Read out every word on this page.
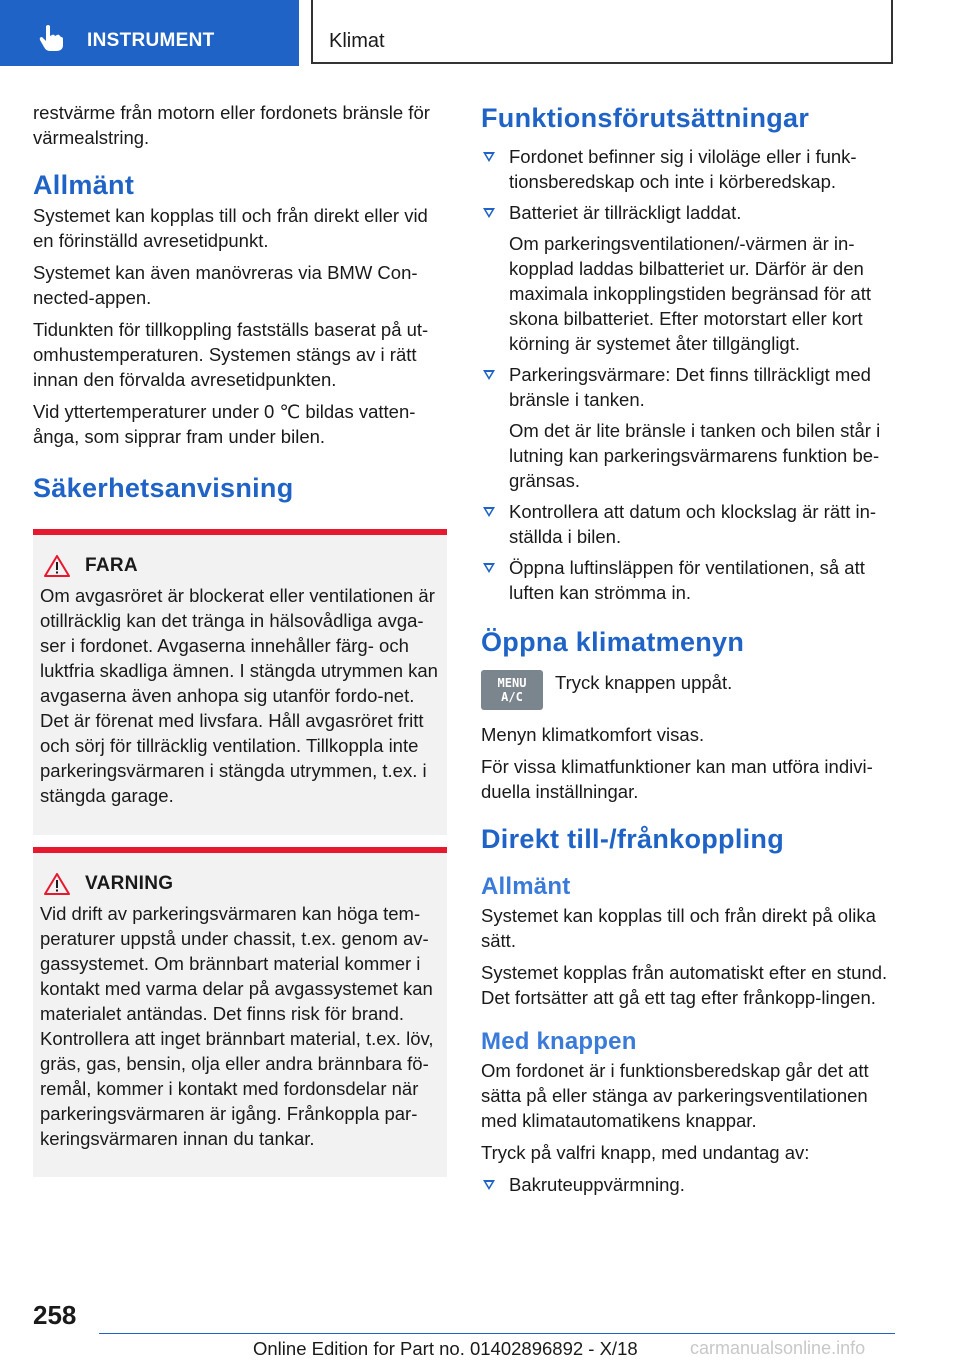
INSTRUMENT	Klimat

restvärme från motorn eller fordonets bränsle för värmealstring.

Allmänt

Systemet kan kopplas till och från direkt eller vid en förinställd avresetidpunkt.

Systemet kan även manövreras via BMW Con-nected-appen.

Tidunkten för tillkoppling fastställs baserat på ut-omhustemperaturen. Systemen stängs av i rätt innan den förvalda avresetidpunkten.

Vid yttertemperaturer under 0 ℃ bildas vatten-ånga, som sipprar fram under bilen.

Säkerhetsanvisning
FARA

Om avgasröret är blockerat eller ventilationen är otillräcklig kan det tränga in hälsovådliga avga-ser i fordonet. Avgaserna innehåller färg- och luktfria skadliga ämnen. I stängda utrymmen kan avgaserna även anhopa sig utanför fordo-net. Det är förenat med livsfara. Håll avgasröret fritt och sörj för tillräcklig ventilation. Tillkoppla inte parkeringsvärmaren i stängda utrymmen, t.ex. i stängda garage.

VARNING

Vid drift av parkeringsvärmaren kan höga tem-peraturer uppstå under chassit, t.ex. genom av-gassystemet. Om brännbart material kommer i kontakt med varma delar på avgassystemet kan materialet antändas. Det finns risk för brand. Kontrollera att inget brännbart material, t.ex. löv, gräs, gas, bensin, olja eller andra brännbara fö-remål, kommer i kontakt med fordonsdelar när parkeringsvärmaren är igång. Frånkoppla par-keringsvärmaren innan du tankar.

Funktionsförutsättningar
Fordonet befinner sig i viloläge eller i funk-tionsberedskap och inte i körberedskap.
Batteriet är tillräckligt laddat.
Om parkeringsventilationen/-värmen är in-kopplad laddas bilbatteriet ur. Därför är den maximala inkopplingstiden begränsad för att skona bilbatteriet. Efter motorstart eller kort körning är systemet åter tillgängligt.
Parkeringsvärmare: Det finns tillräckligt med bränsle i tanken.
Om det är lite bränsle i tanken och bilen står i lutning kan parkeringsvärmarens funktion be-gränsas.
Kontrollera att datum och klockslag är rätt in-ställda i bilen.
Öppna luftinsläppen för ventilationen, så att luften kan strömma in.
Öppna klimatmenyn
MENU
A/C

Tryck knappen uppåt.

Menyn klimatkomfort visas.

För vissa klimatfunktioner kan man utföra indivi-duella inställningar.

Direkt till-/frånkoppling
Allmänt

Systemet kan kopplas till och från direkt på olika sätt.

Systemet kopplas från automatiskt efter en stund. Det fortsätter att gå ett tag efter frånkopp-lingen.

Med knappen

Om fordonet är i funktionsberedskap går det att sätta på eller stänga av parkeringsventilationen med klimatautomatikens knappar.

Tryck på valfri knapp, med undantag av:

Bakruteuppvärmning.
258
Online Edition for Part no. 01402896892 - X/18	carmanualsonline.info
